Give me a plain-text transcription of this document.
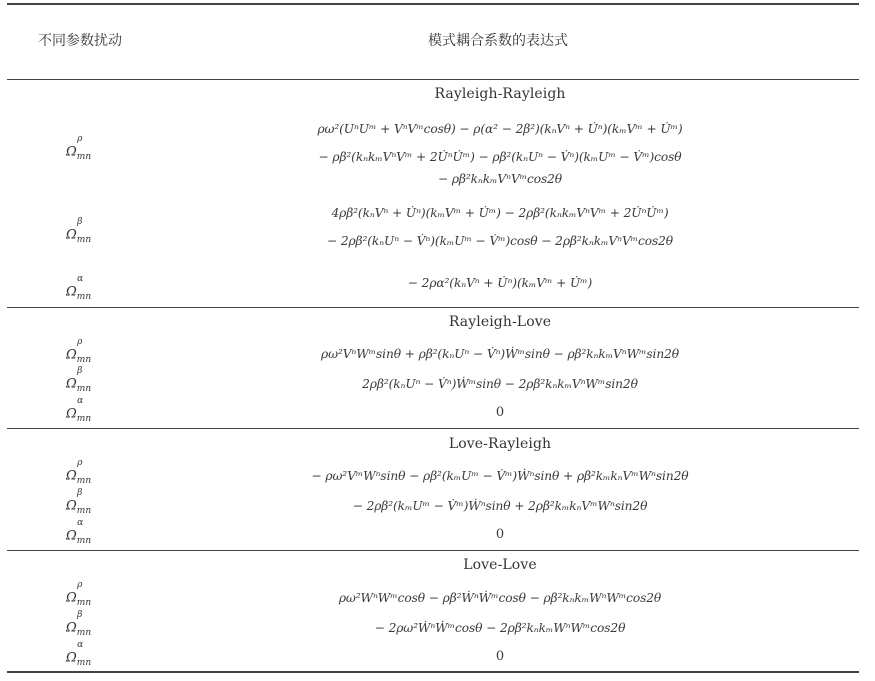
不同参数扰动	模式耦合系数的表达式
Rayleigh-Rayleigh
$\Omega_{mn}^\rho$
ρω²(UⁿUᵐ + VⁿVᵐcosθ) − ρ(α² − 2β²)(kₙVⁿ + U̇ⁿ)(kₘVᵐ + U̇ᵐ)
− ρβ²(kₙkₘVⁿVᵐ + 2U̇ⁿU̇ᵐ) − ρβ²(kₙUⁿ − V̇ⁿ)(kₘUᵐ − V̇ᵐ)cosθ
− ρβ²kₙkₘVⁿVᵐcos2θ
$\Omega_{mn}^\beta$
4ρβ²(kₙVⁿ + U̇ⁿ)(kₘVᵐ + U̇ᵐ) − 2ρβ²(kₙkₘVⁿVᵐ + 2U̇ⁿU̇ᵐ)
− 2ρβ²(kₙUⁿ − V̇ⁿ)(kₘUᵐ − V̇ᵐ)cosθ − 2ρβ²kₙkₘVⁿVᵐcos2θ
$\Omega_{mn}^\alpha$	− 2ρα²(kₙVⁿ + U̇ⁿ)(kₘVᵐ + U̇ᵐ)
Rayleigh-Love
$\Omega_{mn}^\rho$
ρω²VⁿWᵐsinθ + ρβ²(kₙUⁿ − V̇ⁿ)Ẇᵐsinθ − ρβ²kₙkₘVⁿWᵐsin2θ
$\Omega_{mn}^\beta$
2ρβ²(kₙUⁿ − V̇ⁿ)Ẇᵐsinθ − 2ρβ²kₙkₘVⁿWᵐsin2θ
$\Omega_{mn}^\alpha$
0
Love-Rayleigh
$\Omega_{mn}^\rho$
− ρω²VᵐWⁿsinθ − ρβ²(kₘUᵐ − V̇ᵐ)Ẇⁿsinθ + ρβ²kₘkₙVᵐWⁿsin2θ
$\Omega_{mn}^\beta$
− 2ρβ²(kₘUᵐ − V̇ᵐ)Ẇⁿsinθ + 2ρβ²kₘkₙVᵐWⁿsin2θ
$\Omega_{mn}^\alpha$
0
Love-Love
$\Omega_{mn}^\rho$
ρω²WⁿWᵐcosθ − ρβ²ẆⁿẆᵐcosθ − ρβ²kₙkₘWⁿWᵐcos2θ
$\Omega_{mn}^\beta$
− 2ρω²ẆⁿẆᵐcosθ − 2ρβ²kₙkₘWⁿWᵐcos2θ
$\Omega_{mn}^\alpha$
0
